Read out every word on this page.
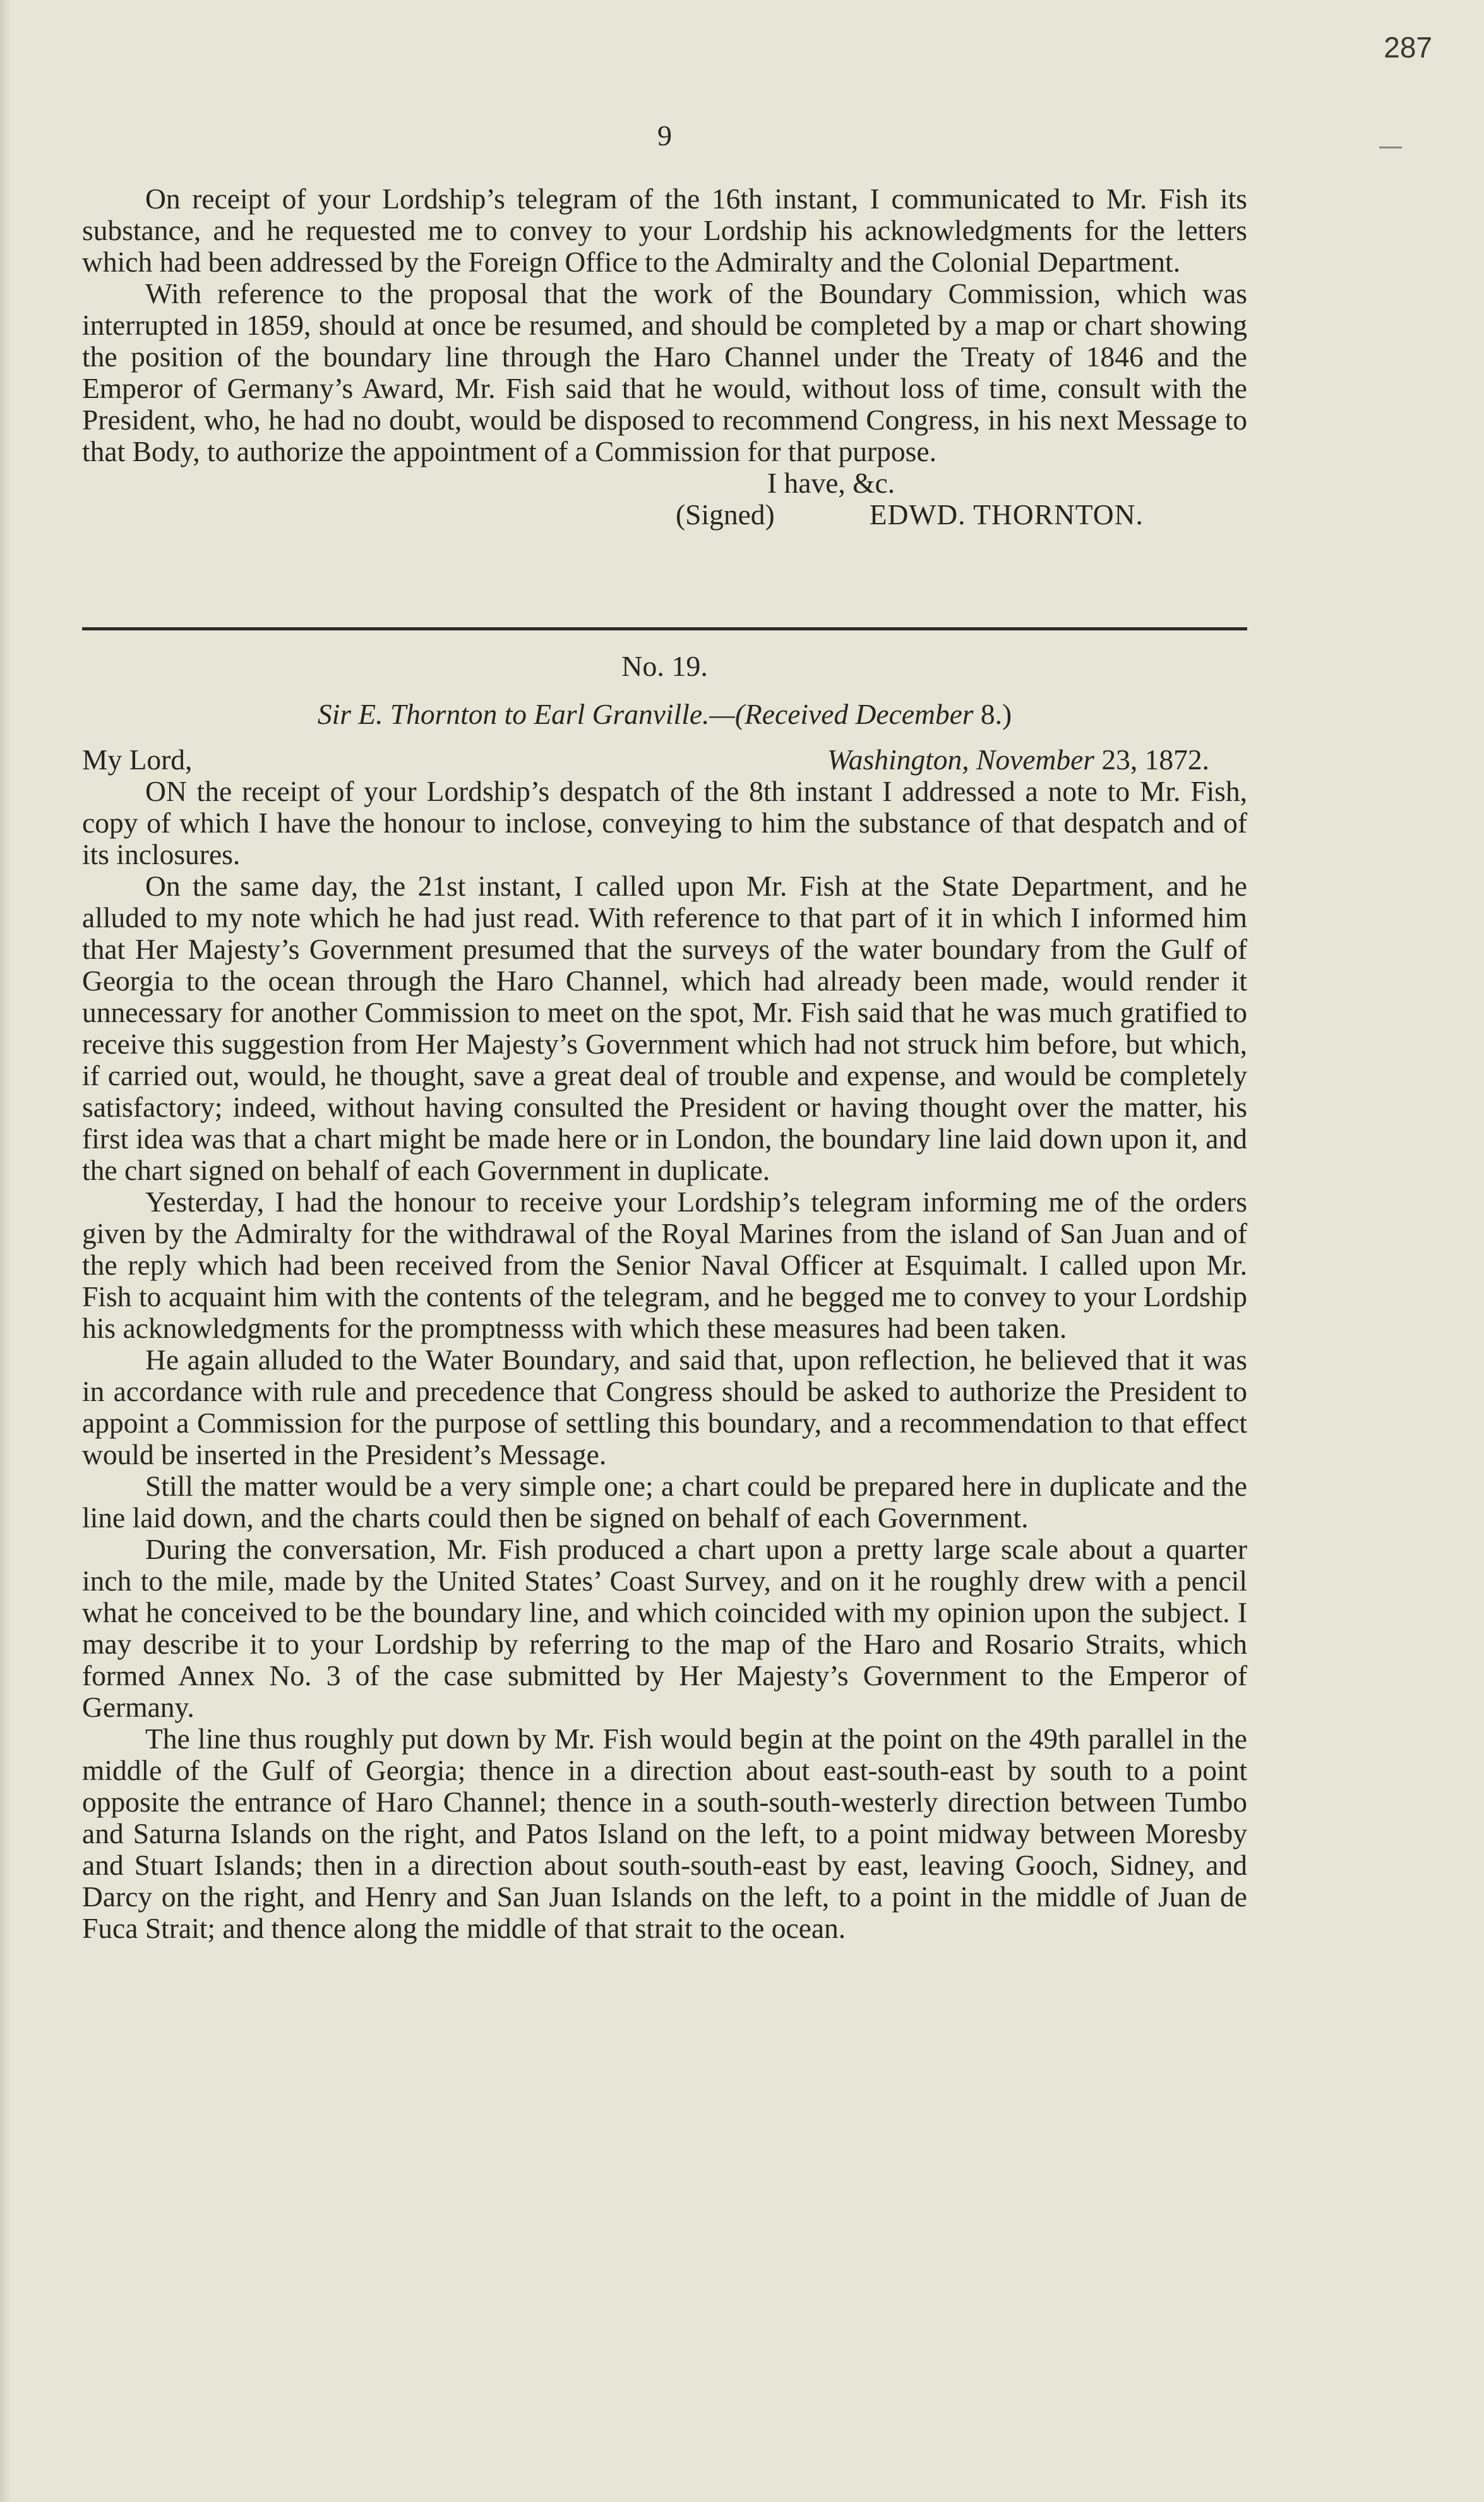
287
9

On receipt of your Lordship’s telegram of the 16th instant, I communicated to Mr. Fish its substance, and he requested me to convey to your Lordship his acknowledgments for the letters which had been addressed by the Foreign Office to the Admiralty and the Colonial Department.

With reference to the proposal that the work of the Boundary Commission, which was interrupted in 1859, should at once be resumed, and should be completed by a map or chart showing the position of the boundary line through the Haro Channel under the Treaty of 1846 and the Emperor of Germany’s Award, Mr. Fish said that he would, without loss of time, consult with the President, who, he had no doubt, would be disposed to recommend Congress, in his next Message to that Body, to authorize the appointment of a Commission for that purpose.

I have, &c.

(Signed)	EDWD. THORNTON.

No. 19.
Sir E. Thornton to Earl Granville.—(Received December 8.)
My Lord,	Washington, November 23, 1872.

ON the receipt of your Lordship’s despatch of the 8th instant I addressed a note to Mr. Fish, copy of which I have the honour to inclose, conveying to him the substance of that despatch and of its inclosures.

On the same day, the 21st instant, I called upon Mr. Fish at the State Department, and he alluded to my note which he had just read. With reference to that part of it in which I informed him that Her Majesty’s Government presumed that the surveys of the water boundary from the Gulf of Georgia to the ocean through the Haro Channel, which had already been made, would render it unnecessary for another Commission to meet on the spot, Mr. Fish said that he was much gratified to receive this suggestion from Her Majesty’s Government which had not struck him before, but which, if carried out, would, he thought, save a great deal of trouble and expense, and would be completely satisfactory; indeed, without having consulted the President or having thought over the matter, his first idea was that a chart might be made here or in London, the boundary line laid down upon it, and the chart signed on behalf of each Government in duplicate.

Yesterday, I had the honour to receive your Lordship’s telegram informing me of the orders given by the Admiralty for the withdrawal of the Royal Marines from the island of San Juan and of the reply which had been received from the Senior Naval Officer at Esquimalt. I called upon Mr. Fish to acquaint him with the contents of the telegram, and he begged me to convey to your Lordship his acknowledgments for the promptnesss with which these measures had been taken.

He again alluded to the Water Boundary, and said that, upon reflection, he believed that it was in accordance with rule and precedence that Congress should be asked to authorize the President to appoint a Commission for the purpose of settling this boundary, and a recommendation to that effect would be inserted in the President’s Message.

Still the matter would be a very simple one; a chart could be prepared here in duplicate and the line laid down, and the charts could then be signed on behalf of each Government.

During the conversation, Mr. Fish produced a chart upon a pretty large scale about a quarter inch to the mile, made by the United States’ Coast Survey, and on it he roughly drew with a pencil what he conceived to be the boundary line, and which coincided with my opinion upon the subject. I may describe it to your Lordship by referring to the map of the Haro and Rosario Straits, which formed Annex No. 3 of the case submitted by Her Majesty’s Government to the Emperor of Germany.

The line thus roughly put down by Mr. Fish would begin at the point on the 49th parallel in the middle of the Gulf of Georgia; thence in a direction about east-south-east by south to a point opposite the entrance of Haro Channel; thence in a south-south-westerly direction between Tumbo and Saturna Islands on the right, and Patos Island on the left, to a point midway between Moresby and Stuart Islands; then in a direction about south-south-east by east, leaving Gooch, Sidney, and Darcy on the right, and Henry and San Juan Islands on the left, to a point in the middle of Juan de Fuca Strait; and thence along the middle of that strait to the ocean.
